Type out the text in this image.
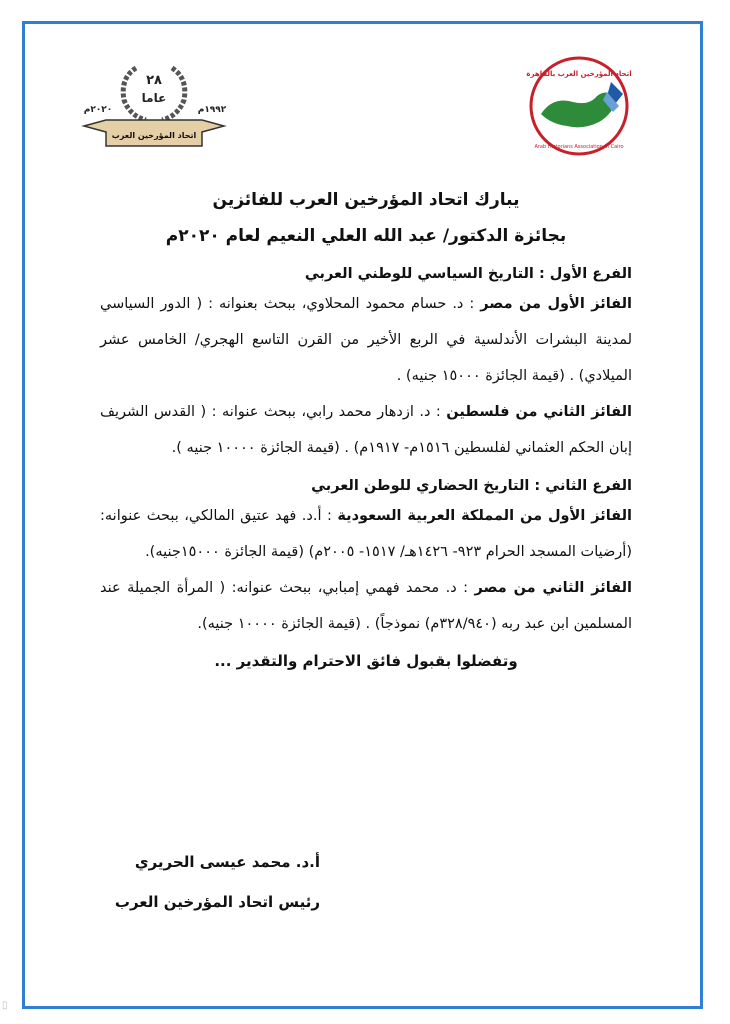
اتحاد المؤرخين العرب بالقاهرة
Arab Historians Association in Cairo
٢٨
عاما
١٩٩٢م
٢٠٢٠م
اتحاد المؤرخين العرب
يبارك اتحاد المؤرخين العرب للفائزين
بجائزة الدكتور/ عبد الله العلي النعيم لعام ٢٠٢٠م
الفرع الأول : التاريخ السياسي للوطني العربي
الفائز الأول من مصر : د. حسام محمود المحلاوي، ببحث بعنوانه : ( الدور السياسي لمدينة البشرات الأندلسية في الربع الأخير من القرن التاسع الهجري/ الخامس عشر الميلادي) . (قيمة الجائزة ١٥٠٠٠ جنيه) .
الفائز الثاني من فلسطين : د. ازدهار محمد رابي، ببحث عنوانه : ( القدس الشريف إبان الحكم العثماني لفلسطين ١٥١٦م- ١٩١٧م) . (قيمة الجائزة ١٠٠٠٠ جنيه ).
الفرع الثاني : التاريخ الحضاري للوطن العربي
الفائز الأول من المملكة العربية السعودية : أ.د. فهد عتيق المالكي، ببحث عنوانه: (أرضيات المسجد الحرام ٩٢٣- ١٤٢٦هـ/ ١٥١٧- ٢٠٠٥م) (قيمة الجائزة ١٥٠٠٠جنيه).
الفائز الثاني من مصر : د. محمد فهمي إمبابي، ببحث عنوانه: ( المرأة الجميلة عند المسلمين ابن عبد ربه (٣٢٨/٩٤٠م) نموذجاً) . (قيمة الجائزة ١٠٠٠٠ جنيه).
وتفضلوا بقبول فائق الاحترام والتقدير ...
أ.د. محمد عيسى الحريري
رئيس اتحاد المؤرخين العرب
▯
